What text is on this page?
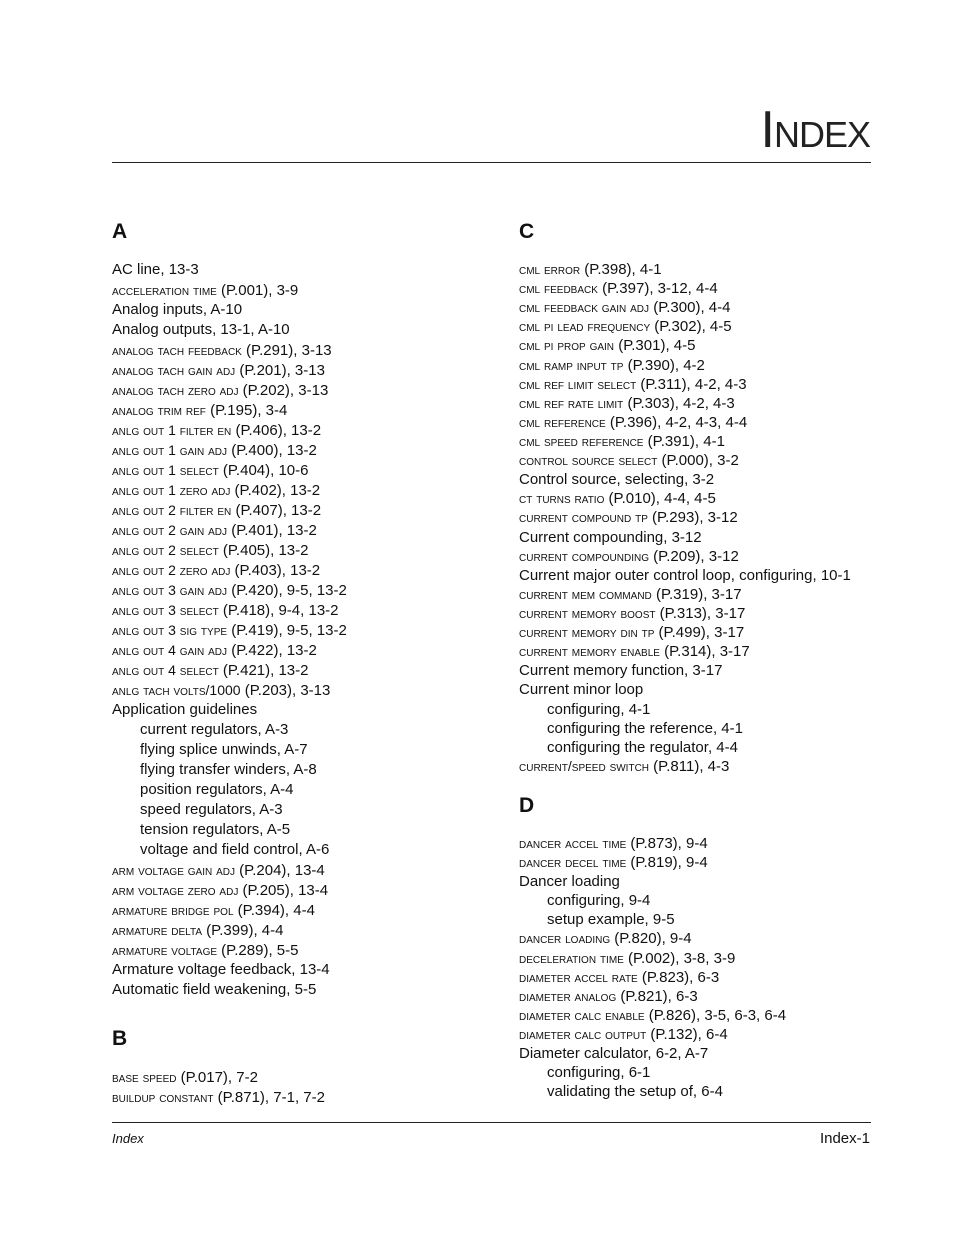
Index
A
AC line, 13-3
acceleration time (P.001), 3-9
Analog inputs, A-10
Analog outputs, 13-1, A-10
analog tach feedback (P.291), 3-13
analog tach gain adj (P.201), 3-13
analog tach zero adj (P.202), 3-13
analog trim ref (P.195), 3-4
anlg out 1 filter en (P.406), 13-2
anlg out 1 gain adj (P.400), 13-2
anlg out 1 select (P.404), 10-6
anlg out 1 zero adj (P.402), 13-2
anlg out 2 filter en (P.407), 13-2
anlg out 2 gain adj (P.401), 13-2
anlg out 2 select (P.405), 13-2
anlg out 2 zero adj (P.403), 13-2
anlg out 3 gain adj (P.420), 9-5, 13-2
anlg out 3 select (P.418), 9-4, 13-2
anlg out 3 sig type (P.419), 9-5, 13-2
anlg out 4 gain adj (P.422), 13-2
anlg out 4 select (P.421), 13-2
anlg tach volts/1000 (P.203), 3-13
Application guidelines
current regulators, A-3
flying splice unwinds, A-7
flying transfer winders, A-8
position regulators, A-4
speed regulators, A-3
tension regulators, A-5
voltage and field control, A-6
arm voltage gain adj (P.204), 13-4
arm voltage zero adj (P.205), 13-4
armature bridge pol (P.394), 4-4
armature delta (P.399), 4-4
armature voltage (P.289), 5-5
Armature voltage feedback, 13-4
Automatic field weakening, 5-5
B
base speed (P.017), 7-2
buildup constant (P.871), 7-1, 7-2
C
cml error (P.398), 4-1
cml feedback (P.397), 3-12, 4-4
cml feedback gain adj (P.300), 4-4
cml pi lead frequency (P.302), 4-5
cml pi prop gain (P.301), 4-5
cml ramp input tp (P.390), 4-2
cml ref limit select (P.311), 4-2, 4-3
cml ref rate limit (P.303), 4-2, 4-3
cml reference (P.396), 4-2, 4-3, 4-4
cml speed reference (P.391), 4-1
control source select (P.000), 3-2
Control source, selecting, 3-2
ct turns ratio (P.010), 4-4, 4-5
current compound tp (P.293), 3-12
Current compounding, 3-12
current compounding (P.209), 3-12
Current major outer control loop, configuring, 10-1
current mem command (P.319), 3-17
current memory boost (P.313), 3-17
current memory din tp (P.499), 3-17
current memory enable (P.314), 3-17
Current memory function, 3-17
Current minor loop
configuring, 4-1
configuring the reference, 4-1
configuring the regulator, 4-4
current/speed switch (P.811), 4-3
D
dancer accel time (P.873), 9-4
dancer decel time (P.819), 9-4
Dancer loading
configuring, 9-4
setup example, 9-5
dancer loading (P.820), 9-4
deceleration time (P.002), 3-8, 3-9
diameter accel rate (P.823), 6-3
diameter analog (P.821), 6-3
diameter calc enable (P.826), 3-5, 6-3, 6-4
diameter calc output (P.132), 6-4
Diameter calculator, 6-2, A-7
configuring, 6-1
validating the setup of, 6-4
Index	Index-1
